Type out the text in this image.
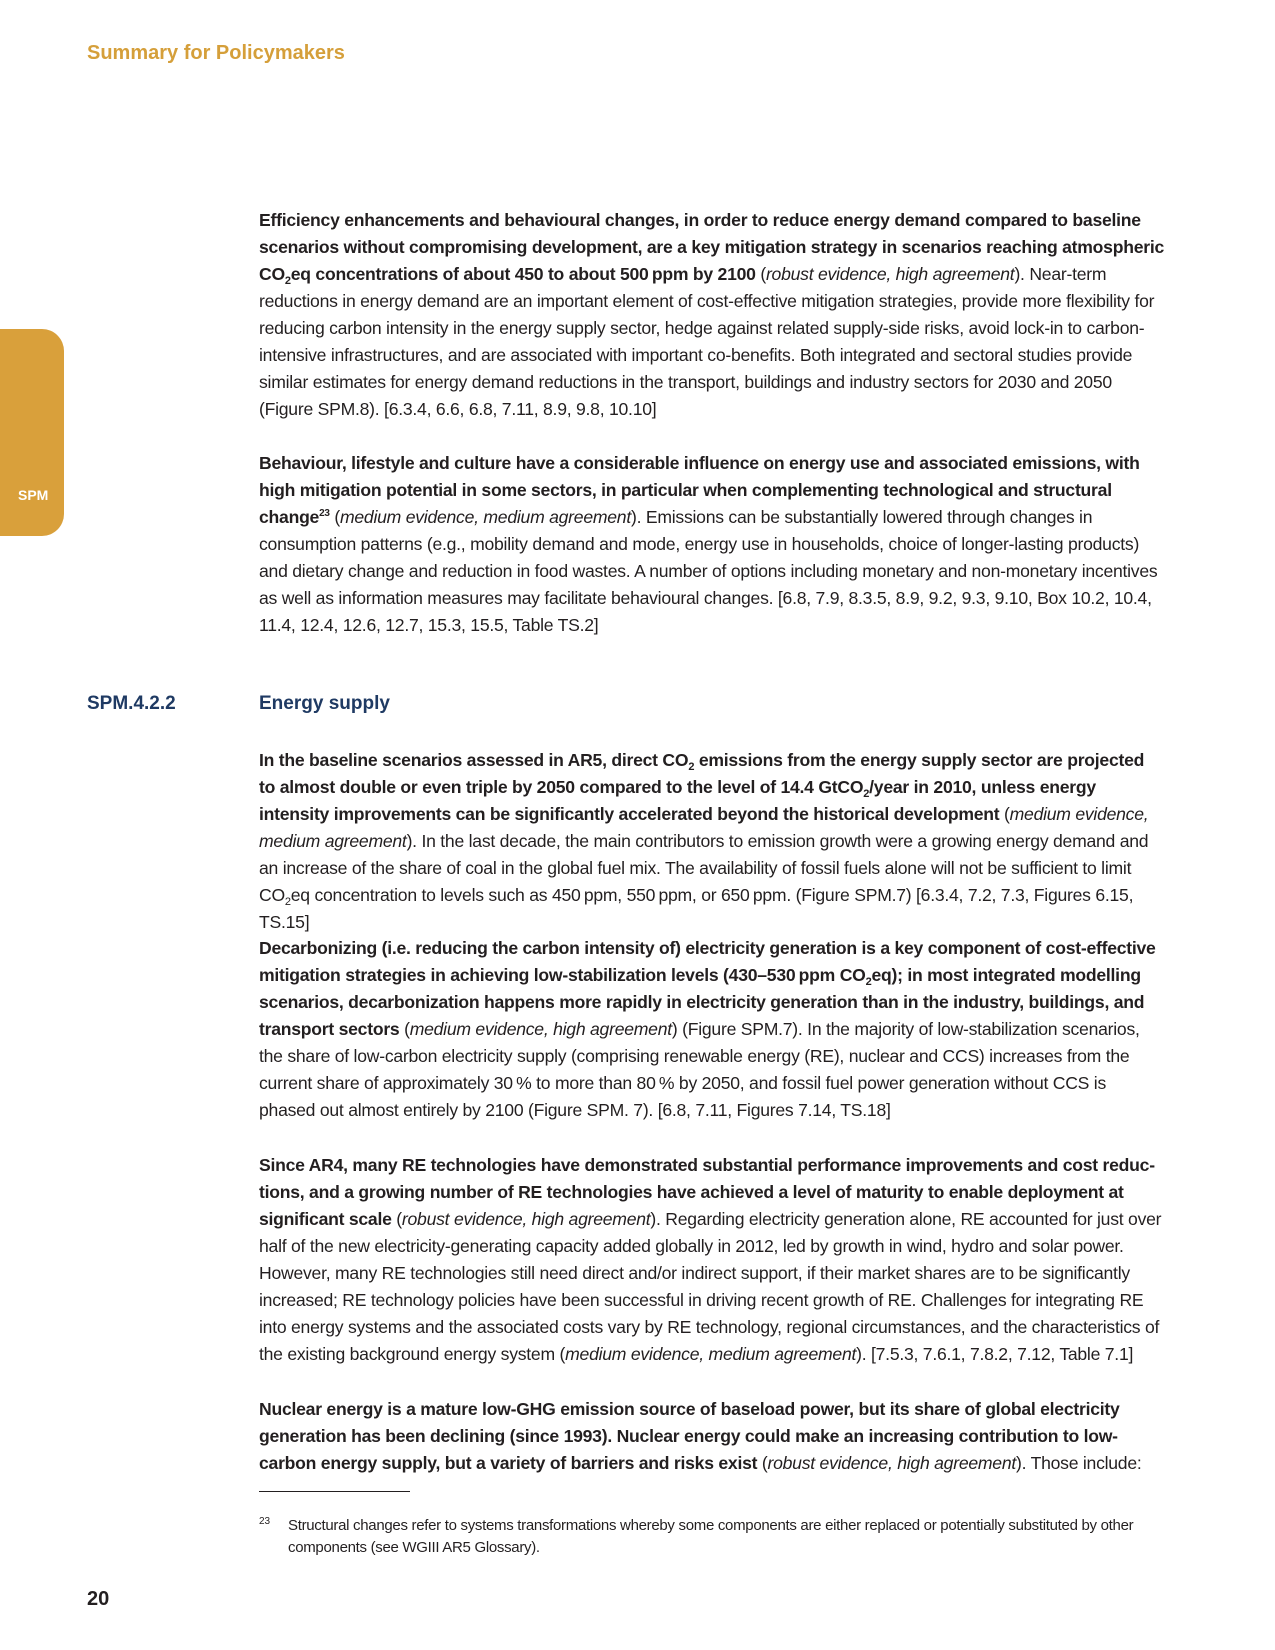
Summary for Policymakers
SPM

Efficiency enhancements and behavioural changes, in order to reduce energy demand compared to baseline scenarios without compromising development, are a key mitigation strategy in scenarios reaching atmospheric $CO_2eq$ concentrations of about 450 to about 500 ppm by 2100 (robust evidence, high agreement). Near-term reductions in energy demand are an important element of cost-effective mitigation strategies, provide more flexibility for reducing carbon intensity in the energy supply sector, hedge against related supply-side risks, avoid lock-in to carbon-intensive infrastructures, and are associated with important co-benefits. Both integrated and sectoral studies provide similar estimates for energy demand reductions in the transport, buildings and industry sectors for 2030 and 2050 (Figure SPM.8). [6.3.4, 6.6, 6.8, 7.11, 8.9, 9.8, 10.10]

Behaviour, lifestyle and culture have a considerable influence on energy use and associated emissions, with high mitigation potential in some sectors, in particular when complementing technological and structural change$^{23}$ (medium evidence, medium agreement). Emissions can be substantially lowered through changes in consumption patterns (e.g., mobility demand and mode, energy use in households, choice of longer-lasting products) and dietary change and reduction in food wastes. A number of options including monetary and non-monetary incentives as well as information measures may facilitate behavioural changes. [6.8, 7.9, 8.3.5, 8.9, 9.2, 9.3, 9.10, Box 10.2, 10.4, 11.4, 12.4, 12.6, 12.7, 15.3, 15.5, Table TS.2]

SPM.4.2.2	Energy supply

In the baseline scenarios assessed in AR5, direct $CO_2$ emissions from the energy supply sector are projected to almost double or even triple by 2050 compared to the level of 14.4 GtCO$_2$/year in 2010, unless energy intensity improvements can be significantly accelerated beyond the historical development (medium evidence, medium agreement). In the last decade, the main contributors to emission growth were a growing energy demand and an increase of the share of coal in the global fuel mix. The availability of fossil fuels alone will not be sufficient to limit $CO_2eq$ concentration to levels such as 450 ppm, 550 ppm, or 650 ppm. (Figure SPM.7) [6.3.4, 7.2, 7.3, Figures 6.15, TS.15]

Decarbonizing (i.e. reducing the carbon intensity of) electricity generation is a key component of cost-effective mitigation strategies in achieving low-stabilization levels (430–530 ppm $CO_2eq$); in most integrated modelling scenarios, decarbonization happens more rapidly in electricity generation than in the industry, buildings, and transport sectors (medium evidence, high agreement) (Figure SPM.7). In the majority of low-stabilization scenarios, the share of low-carbon electricity supply (comprising renewable energy (RE), nuclear and CCS) increases from the current share of approximately 30 % to more than 80 % by 2050, and fossil fuel power generation without CCS is phased out almost entirely by 2100 (Figure SPM. 7). [6.8, 7.11, Figures 7.14, TS.18]

Since AR4, many RE technologies have demonstrated substantial performance improvements and cost reductions, and a growing number of RE technologies have achieved a level of maturity to enable deployment at significant scale (robust evidence, high agreement). Regarding electricity generation alone, RE accounted for just over half of the new electricity-generating capacity added globally in 2012, led by growth in wind, hydro and solar power. However, many RE technologies still need direct and/or indirect support, if their market shares are to be significantly increased; RE technology policies have been successful in driving recent growth of RE. Challenges for integrating RE into energy systems and the associated costs vary by RE technology, regional circumstances, and the characteristics of the existing background energy system (medium evidence, medium agreement). [7.5.3, 7.6.1, 7.8.2, 7.12, Table 7.1]

Nuclear energy is a mature low-GHG emission source of baseload power, but its share of global electricity generation has been declining (since 1993). Nuclear energy could make an increasing contribution to low-carbon energy supply, but a variety of barriers and risks exist (robust evidence, high agreement). Those include:

23 Structural changes refer to systems transformations whereby some components are either replaced or potentially substituted by other components (see WGIII AR5 Glossary).
20
